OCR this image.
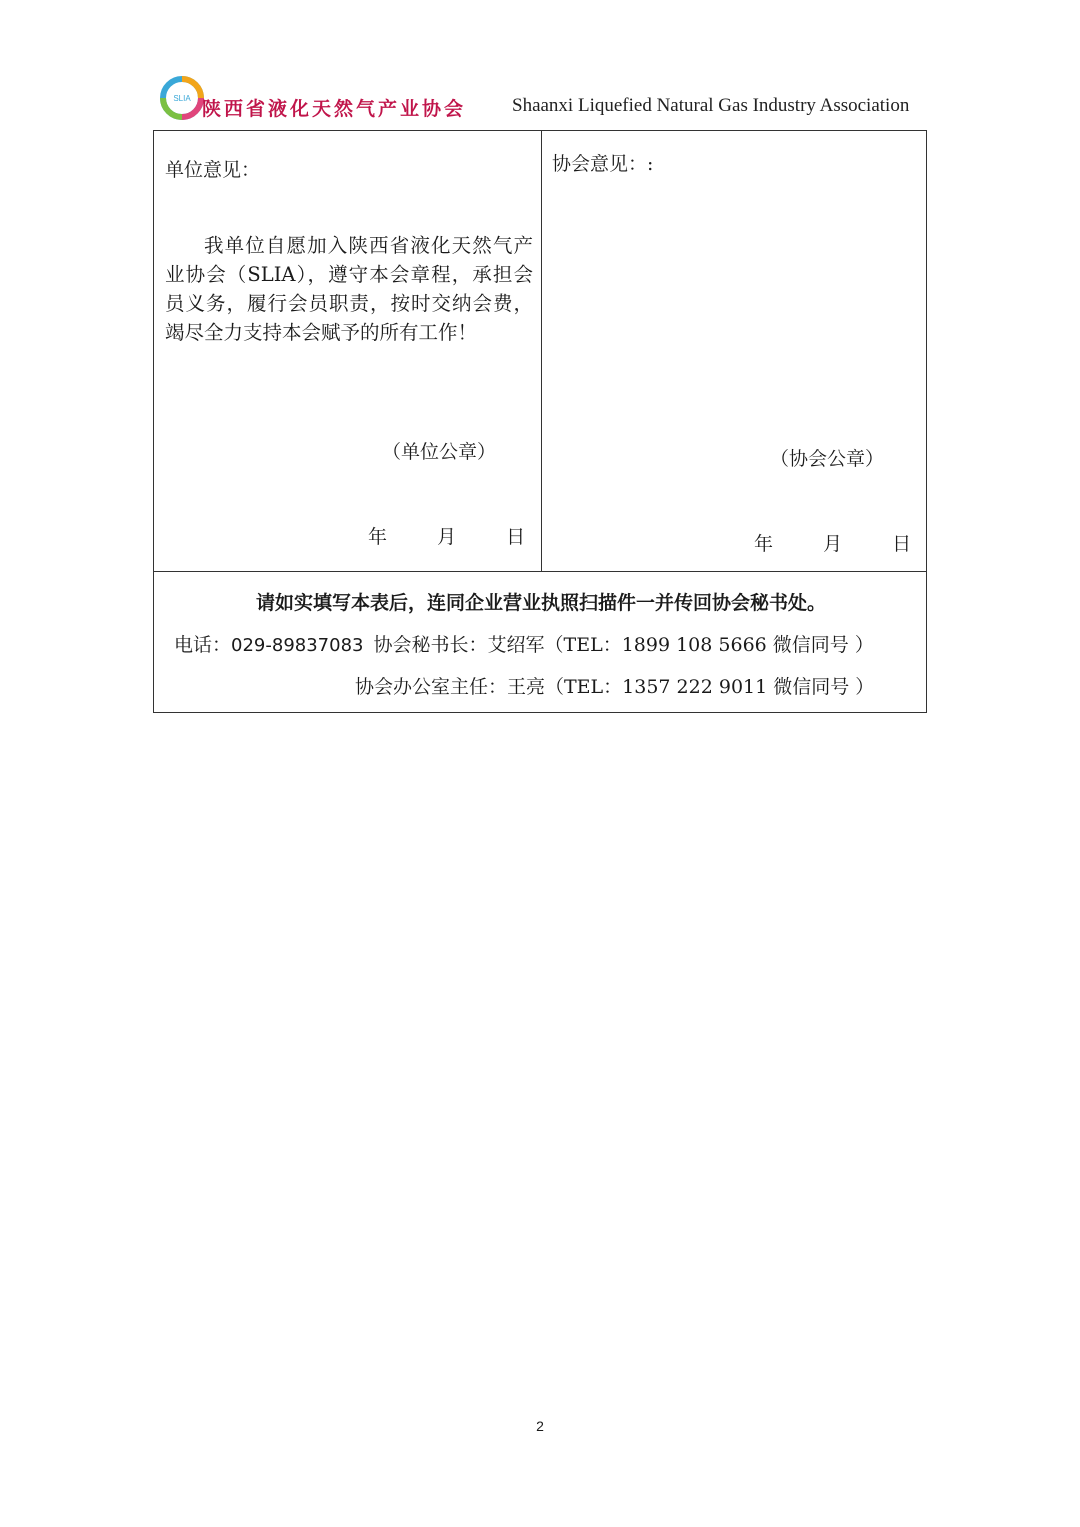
SLIA 陕西省液化天然气产业协会 Shaanxi Liquefied Natural Gas Industry Association
单位意见：
我单位自愿加入陕西省液化天然气产业协会（SLIA），遵守本会章程，承担会员义务，履行会员职责，按时交纳会费，竭尽全力支持本会赋予的所有工作！
（单位公章）
年	月	日
协会意见：:
（协会公章）
年	月	日
请如实填写本表后，连同企业营业执照扫描件一并传回协会秘书处。
电话：029-89837083 协会秘书长：艾绍军（TEL：1899 108 5666 微信同号 ）
协会办公室主任：王亮（TEL：1357 222 9011 微信同号 ）
2
